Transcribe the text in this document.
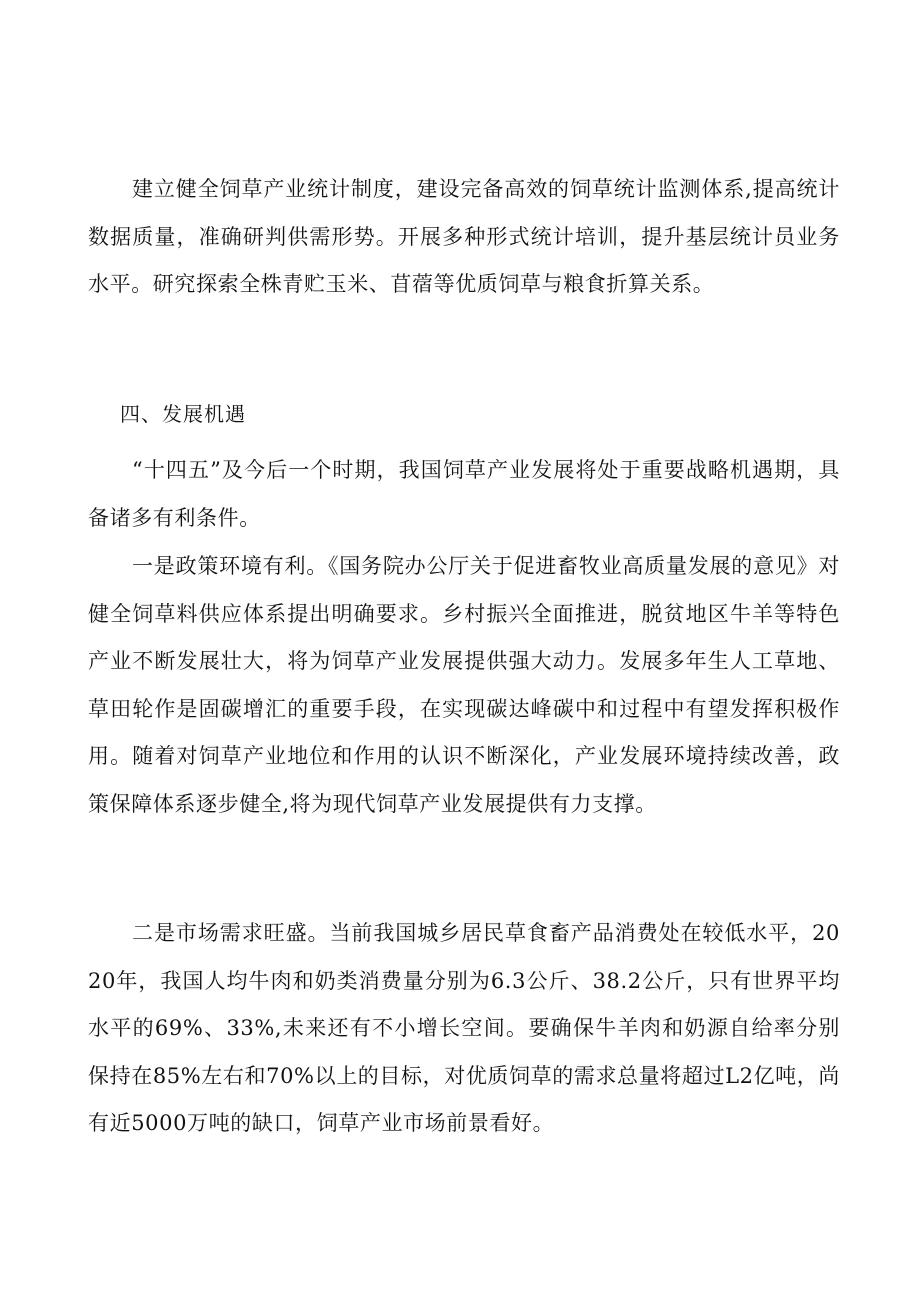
建立健全饲草产业统计制度，建设完备高效的饲草统计监测体系,提高统计数据质量，准确研判供需形势。开展多种形式统计培训，提升基层统计员业务水平。研究探索全株青贮玉米、苜蓿等优质饲草与粮食折算关系。

四、发展机遇

“十四五”及今后一个时期，我国饲草产业发展将处于重要战略机遇期，具备诸多有利条件。

一是政策环境有利。《国务院办公厅关于促进畜牧业高质量发展的意见》对健全饲草料供应体系提出明确要求。乡村振兴全面推进，脱贫地区牛羊等特色产业不断发展壮大，将为饲草产业发展提供强大动力。发展多年生人工草地、草田轮作是固碳增汇的重要手段，在实现碳达峰碳中和过程中有望发挥积极作用。随着对饲草产业地位和作用的认识不断深化，产业发展环境持续改善，政策保障体系逐步健全,将为现代饲草产业发展提供有力支撑。

二是市场需求旺盛。当前我国城乡居民草食畜产品消费处在较低水平，2020年，我国人均牛肉和奶类消费量分别为6.3公斤、38.2公斤，只有世界平均水平的69%、33%,未来还有不小增长空间。要确保牛羊肉和奶源自给率分别保持在85%左右和70%以上的目标，对优质饲草的需求总量将超过L2亿吨，尚有近5000万吨的缺口，饲草产业市场前景看好。
